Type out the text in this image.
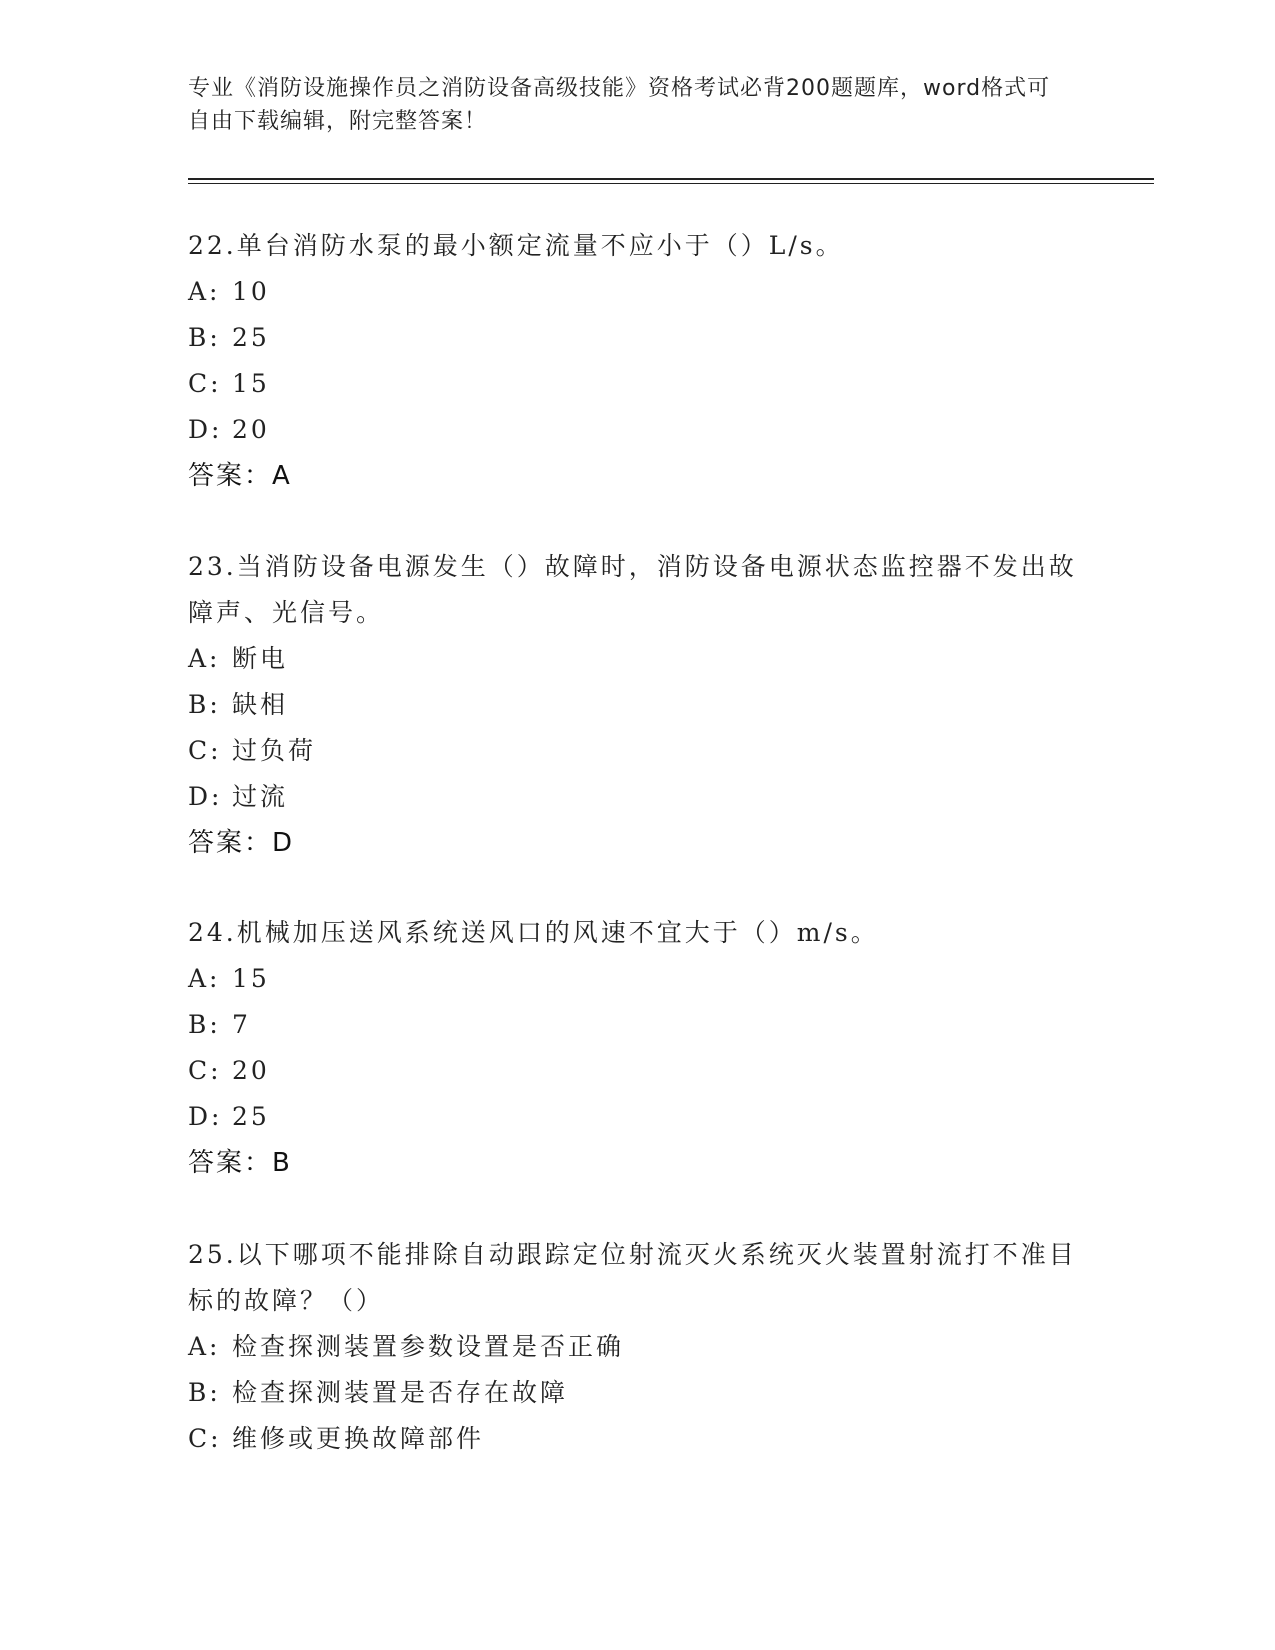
专业《消防设施操作员之消防设备高级技能》资格考试必背200题题库，word格式可自由下载编辑，附完整答案！

22.单台消防水泵的最小额定流量不应小于（）L/s。

A: 10

B: 25

C: 15

D: 20

答案：A

23.当消防设备电源发生（）故障时，消防设备电源状态监控器不发出故障声、光信号。

A: 断电

B: 缺相

C: 过负荷

D: 过流

答案：D

24.机械加压送风系统送风口的风速不宜大于（）m/s。

A: 15

B: 7

C: 20

D: 25

答案：B

25.以下哪项不能排除自动跟踪定位射流灭火系统灭火装置射流打不准目标的故障？（）

A: 检查探测装置参数设置是否正确

B: 检查探测装置是否存在故障

C: 维修或更换故障部件
